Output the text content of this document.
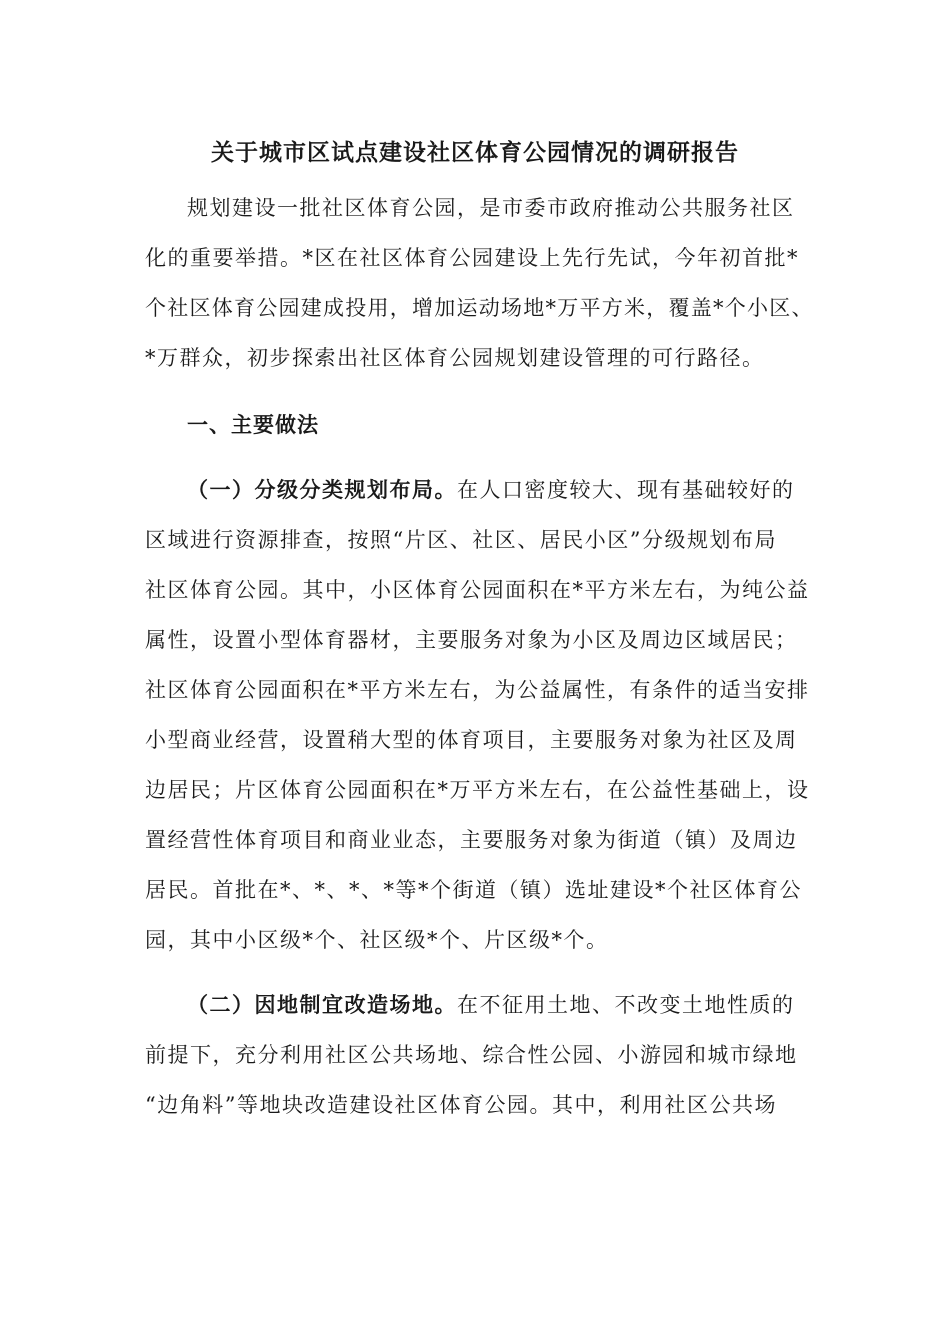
关于城市区试点建设社区体育公园情况的调研报告
规划建设一批社区体育公园，是市委市政府推动公共服务社区
化的重要举措。*区在社区体育公园建设上先行先试，今年初首批*
个社区体育公园建成投用，增加运动场地*万平方米，覆盖*个小区、
*万群众，初步探索出社区体育公园规划建设管理的可行路径。
一、主要做法
（一）分级分类规划布局。在人口密度较大、现有基础较好的
区域进行资源排查，按照“片区、社区、居民小区”分级规划布局
社区体育公园。其中，小区体育公园面积在*平方米左右，为纯公益
属性，设置小型体育器材，主要服务对象为小区及周边区域居民；
社区体育公园面积在*平方米左右，为公益属性，有条件的适当安排
小型商业经营，设置稍大型的体育项目，主要服务对象为社区及周
边居民；片区体育公园面积在*万平方米左右，在公益性基础上，设
置经营性体育项目和商业业态，主要服务对象为街道（镇）及周边
居民。首批在*、*、*、*等*个街道（镇）选址建设*个社区体育公
园，其中小区级*个、社区级*个、片区级*个。
（二）因地制宜改造场地。在不征用土地、不改变土地性质的
前提下，充分利用社区公共场地、综合性公园、小游园和城市绿地
“边角料”等地块改造建设社区体育公园。其中，利用社区公共场
